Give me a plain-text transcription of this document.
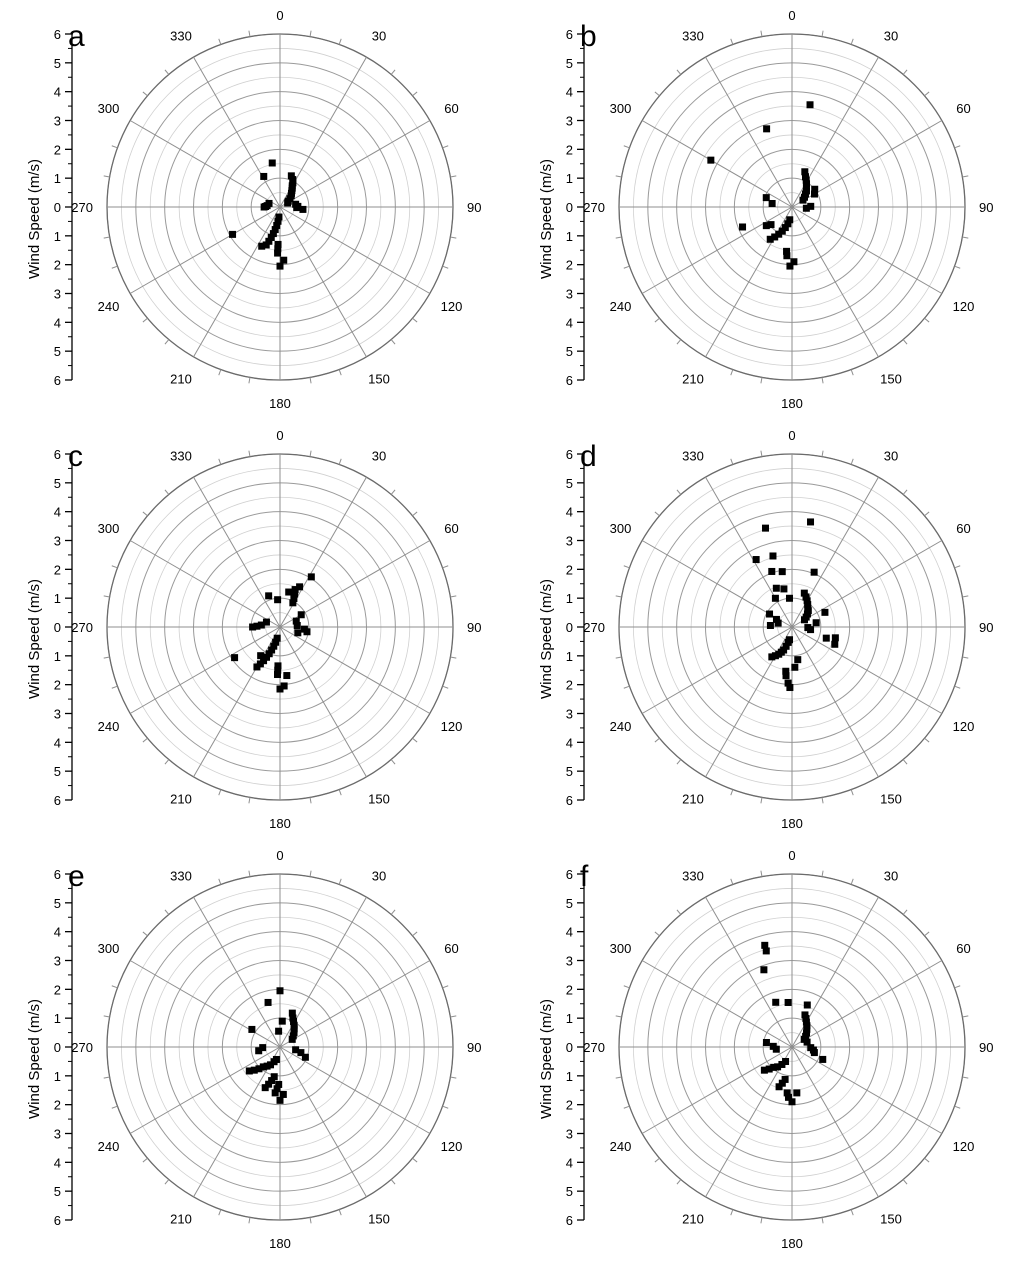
6
5
4
3
2
1
0
1
2
3
4
5
6
0
30
60
90
120
150
180
210
240
270
300
330
a
Wind Speed (m/s)
6
5
4
3
2
1
0
1
2
3
4
5
6
0
30
60
90
120
150
180
210
240
270
300
330
b
Wind Speed (m/s)
6
5
4
3
2
1
0
1
2
3
4
5
6
0
30
60
90
120
150
180
210
240
270
300
330
c
Wind Speed (m/s)
6
5
4
3
2
1
0
1
2
3
4
5
6
0
30
60
90
120
150
180
210
240
270
300
330
d
Wind Speed (m/s)
6
5
4
3
2
1
0
1
2
3
4
5
6
0
30
60
90
120
150
180
210
240
270
300
330
e
Wind Speed (m/s)
6
5
4
3
2
1
0
1
2
3
4
5
6
0
30
60
90
120
150
180
210
240
270
300
330
f
Wind Speed (m/s)
